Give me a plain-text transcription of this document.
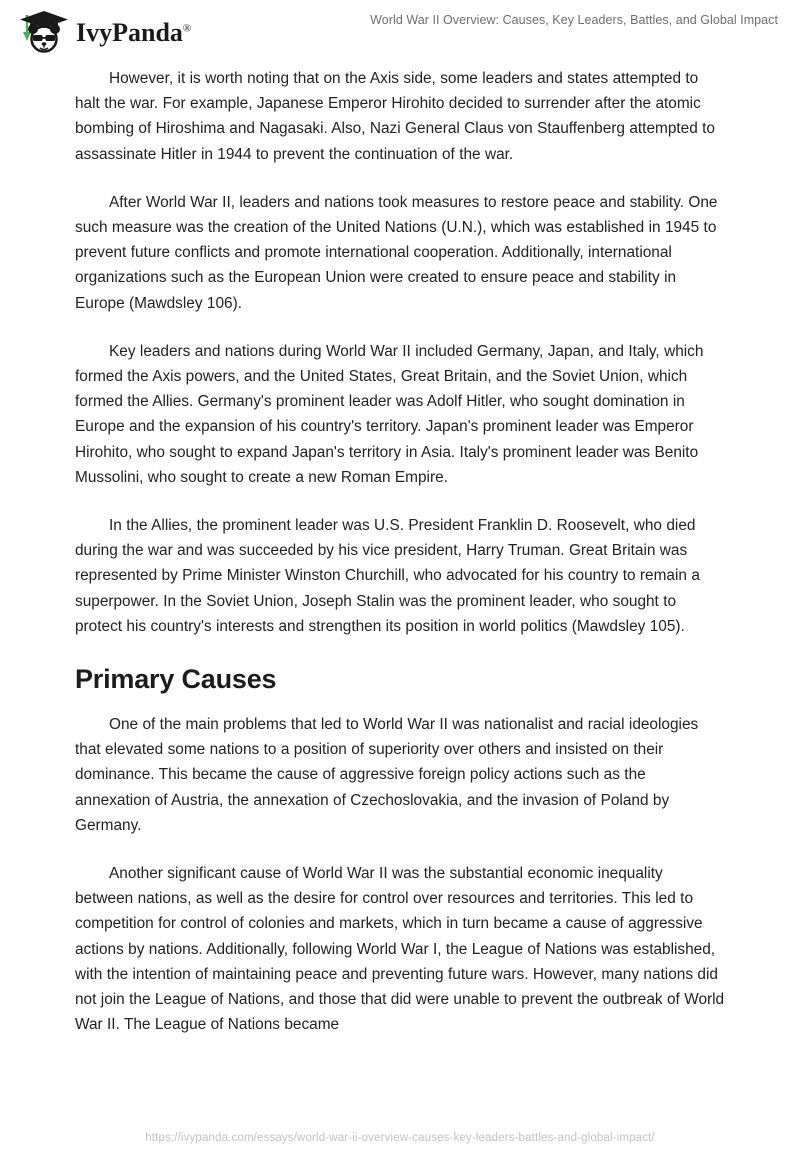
IvyPanda®
World War II Overview: Causes, Key Leaders, Battles, and Global Impact

However, it is worth noting that on the Axis side, some leaders and states attempted to halt the war. For example, Japanese Emperor Hirohito decided to surrender after the atomic bombing of Hiroshima and Nagasaki. Also, Nazi General Claus von Stauffenberg attempted to assassinate Hitler in 1944 to prevent the continuation of the war.

After World War II, leaders and nations took measures to restore peace and stability. One such measure was the creation of the United Nations (U.N.), which was established in 1945 to prevent future conflicts and promote international cooperation. Additionally, international organizations such as the European Union were created to ensure peace and stability in Europe (Mawdsley 106).

Key leaders and nations during World War II included Germany, Japan, and Italy, which formed the Axis powers, and the United States, Great Britain, and the Soviet Union, which formed the Allies. Germany's prominent leader was Adolf Hitler, who sought domination in Europe and the expansion of his country's territory. Japan's prominent leader was Emperor Hirohito, who sought to expand Japan's territory in Asia. Italy's prominent leader was Benito Mussolini, who sought to create a new Roman Empire.

In the Allies, the prominent leader was U.S. President Franklin D. Roosevelt, who died during the war and was succeeded by his vice president, Harry Truman. Great Britain was represented by Prime Minister Winston Churchill, who advocated for his country to remain a superpower. In the Soviet Union, Joseph Stalin was the prominent leader, who sought to protect his country's interests and strengthen its position in world politics (Mawdsley 105).

Primary Causes

One of the main problems that led to World War II was nationalist and racial ideologies that elevated some nations to a position of superiority over others and insisted on their dominance. This became the cause of aggressive foreign policy actions such as the annexation of Austria, the annexation of Czechoslovakia, and the invasion of Poland by Germany.

Another significant cause of World War II was the substantial economic inequality between nations, as well as the desire for control over resources and territories. This led to competition for control of colonies and markets, which in turn became a cause of aggressive actions by nations. Additionally, following World War I, the League of Nations was established, with the intention of maintaining peace and preventing future wars. However, many nations did not join the League of Nations, and those that did were unable to prevent the outbreak of World War II. The League of Nations became

https://ivypanda.com/essays/world-war-ii-overview-causes-key-leaders-battles-and-global-impact/
